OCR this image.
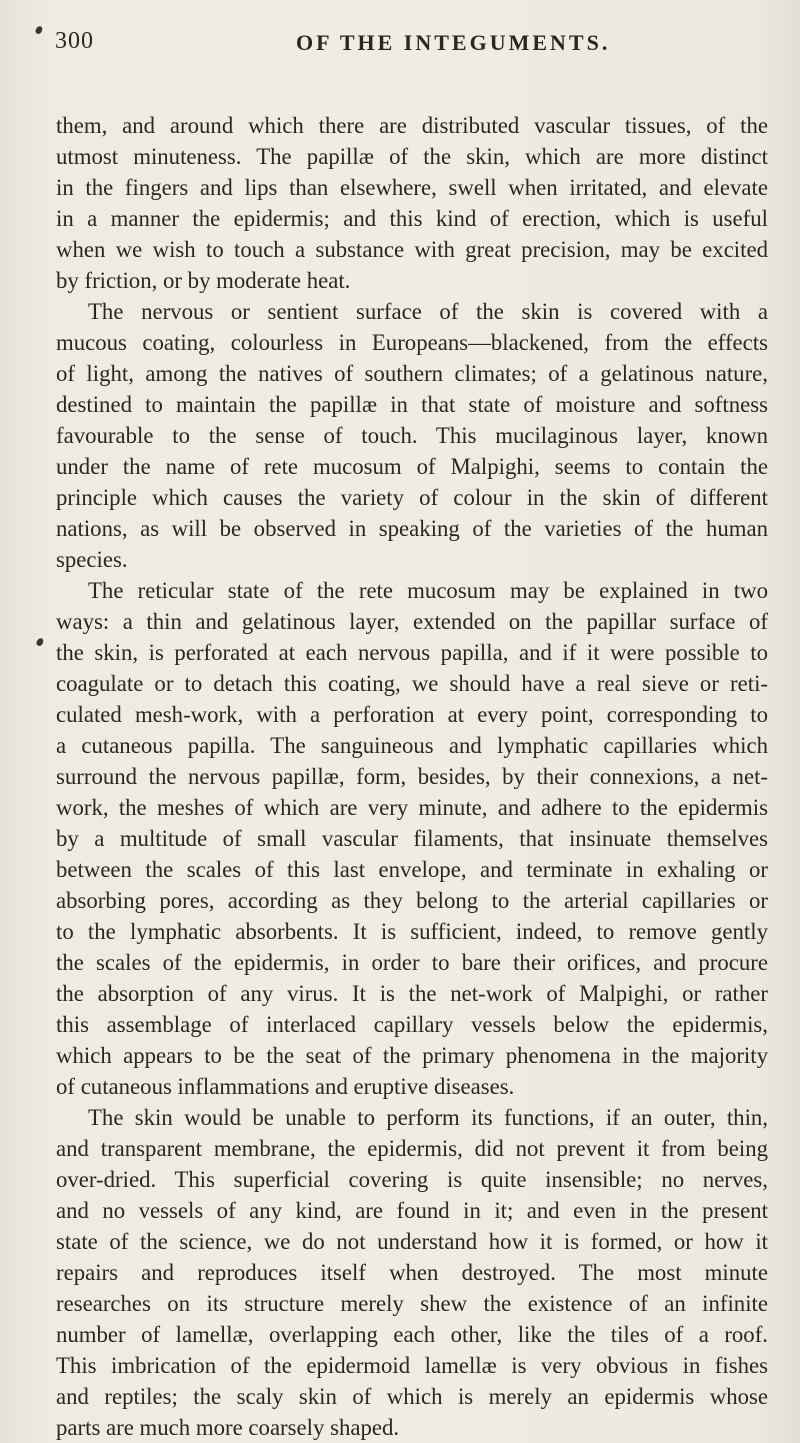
300	OF THE INTEGUMENTS.
them, and around which there are distributed vascular tissues, of the
utmost minuteness. The papillæ of the skin, which are more distinct
in the fingers and lips than elsewhere, swell when irritated, and elevate
in a manner the epidermis; and this kind of erection, which is useful
when we wish to touch a substance with great precision, may be excited
by friction, or by moderate heat.
The nervous or sentient surface of the skin is covered with a
mucous coating, colourless in Europeans—blackened, from the effects
of light, among the natives of southern climates; of a gelatinous nature,
destined to maintain the papillæ in that state of moisture and softness
favourable to the sense of touch. This mucilaginous layer, known
under the name of rete mucosum of Malpighi, seems to contain the
principle which causes the variety of colour in the skin of different
nations, as will be observed in speaking of the varieties of the human
species.
The reticular state of the rete mucosum may be explained in two
ways: a thin and gelatinous layer, extended on the papillar surface of
the skin, is perforated at each nervous papilla, and if it were possible to
coagulate or to detach this coating, we should have a real sieve or reti-
culated mesh-work, with a perforation at every point, corresponding to
a cutaneous papilla. The sanguineous and lymphatic capillaries which
surround the nervous papillæ, form, besides, by their connexions, a net-
work, the meshes of which are very minute, and adhere to the epidermis
by a multitude of small vascular filaments, that insinuate themselves
between the scales of this last envelope, and terminate in exhaling or
absorbing pores, according as they belong to the arterial capillaries or
to the lymphatic absorbents. It is sufficient, indeed, to remove gently
the scales of the epidermis, in order to bare their orifices, and procure
the absorption of any virus. It is the net-work of Malpighi, or rather
this assemblage of interlaced capillary vessels below the epidermis,
which appears to be the seat of the primary phenomena in the majority
of cutaneous inflammations and eruptive diseases.
The skin would be unable to perform its functions, if an outer, thin,
and transparent membrane, the epidermis, did not prevent it from being
over-dried. This superficial covering is quite insensible; no nerves,
and no vessels of any kind, are found in it; and even in the present
state of the science, we do not understand how it is formed, or how it
repairs and reproduces itself when destroyed. The most minute
researches on its structure merely shew the existence of an infinite
number of lamellæ, overlapping each other, like the tiles of a roof.
This imbrication of the epidermoid lamellæ is very obvious in fishes
and reptiles; the scaly skin of which is merely an epidermis whose
parts are much more coarsely shaped.
